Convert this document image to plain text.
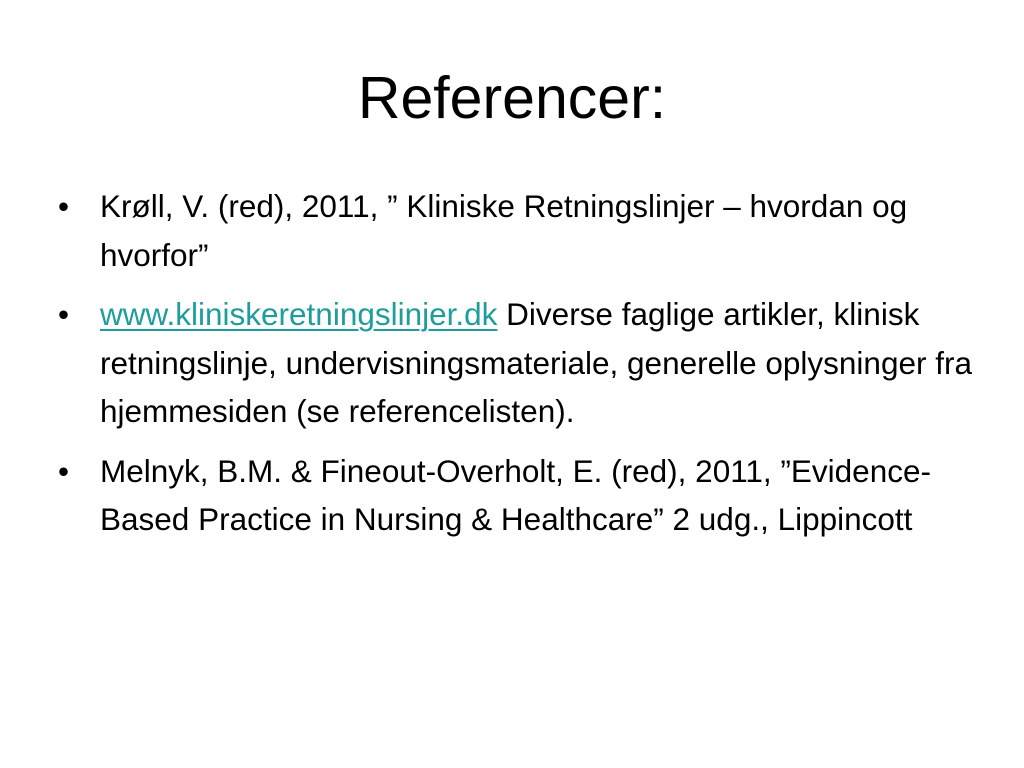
Referencer:
• Krøll, V. (red), 2011, ” Kliniske Retningslinjer – hvordan og hvorfor”
• www.kliniskeretningslinjer.dk Diverse faglige artikler, klinisk retningslinje, undervisningsmateriale, generelle oplysninger fra hjemmesiden (se referencelisten).
• Melnyk, B.M. & Fineout-Overholt, E. (red), 2011, ”Evidence-Based Practice in Nursing & Healthcare” 2 udg., Lippincott
